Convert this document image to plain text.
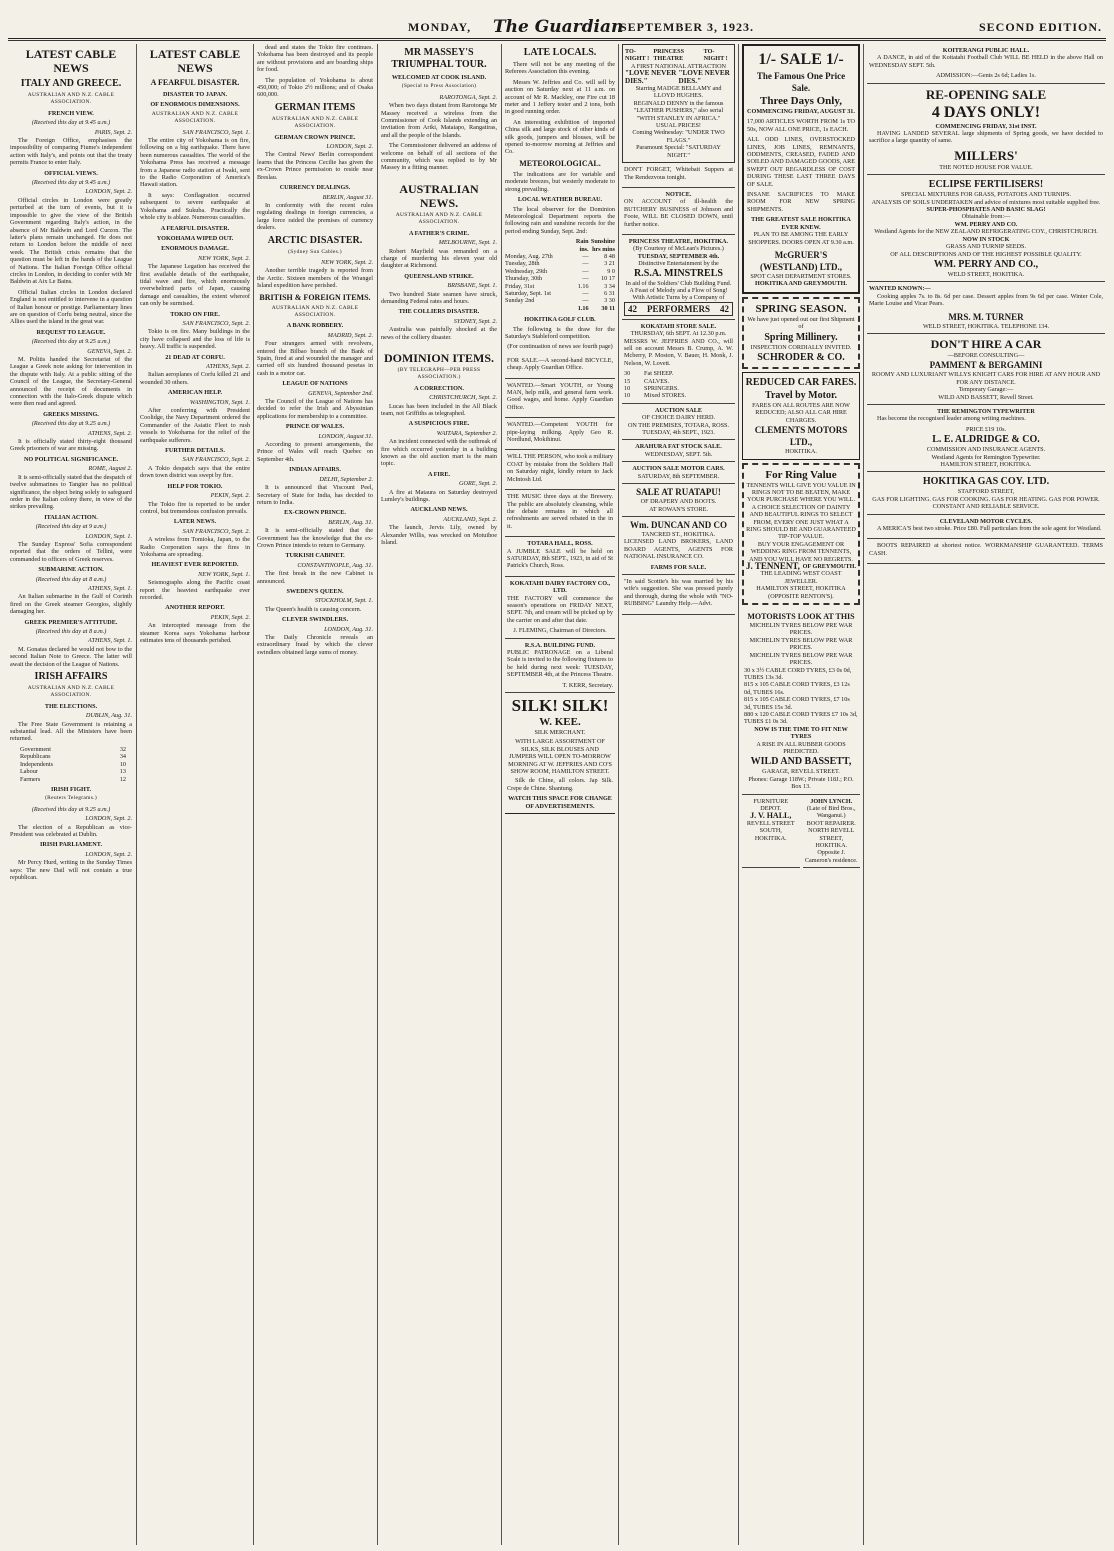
MONDAY, The Guardian
SEPTEMBER 3, 1923.	SECOND EDITION.
LATEST CABLE NEWS
ITALY AND GREECE.
AUSTRALIAN AND N.Z. CABLE ASSOCIATION.
FRENCH VIEW.
(Received this day at 9.45 a.m.)
PARIS, Sept. 2.

The Foreign Office, emphasises the impossibility of comparing Fiume's independent action with Italy's, and points out that the treaty permits France to enter Italy.

OFFICIAL VIEWS.
(Received this day at 9.45 a.m.)
LONDON, Sept. 2.

Official circles in London were greatly perturbed at the turn of events, but it is impossible to give the view of the British Government regarding Italy's action, in the absence of Mr Baldwin and Lord Curzon. The latter's plans remain unchanged. He does not return to London before the middle of next week. The British crisis remains that the question must be left in the hands of the League of Nations. The Italian Foreign Office official circles in London, in deciding to confer with Mr Baldwin at Aix Le Bains.

Official Italian circles in London declared England is not entitled to intervene in a question of Italian honour or prestige. Parliamentary lines are on question of Corfu being neutral, since the Allies used the island in the great war.

REQUEST TO LEAGUE.
(Received this day at 9.25 a.m.)
GENEVA, Sept. 2.

M. Politis handed the Secretariat of the League a Greek note asking for intervention in the dispute with Italy. At a public sitting of the Council of the League, the Secretary-General announced the receipt of documents in connection with the Italo-Greek dispute which were then read and agreed.

GREEKS MISSING.
(Received this day at 9.25 a.m.)
ATHENS, Sept. 2.

It is officially stated thirty-eight thousand Greek prisoners of war are missing.

NO POLITICAL SIGNIFICANCE.
ROME, August 2.

It is semi-officially stated that the despatch of twelve submarines to Tangier has no political significance, the object being solely to safeguard order in the Italian colony there, in view of the strikes prevailing.

ITALIAN ACTION.
(Received this day at 9 a.m.)
LONDON, Sept. 1.

The Sunday Express' Sofia correspondent reported that the orders of Tellini, were commanded to officers of Greek reserves.

SUBMARINE ACTION.
(Received this day at 8 a.m.)
ATHENS, Sept. 1.

An Italian submarine in the Gulf of Corinth fired on the Greek steamer Georgios, slightly damaging her.

GREEK PREMIER'S ATTITUDE.
(Received this day at 8 a.m.)
ATHENS, Sept. 1.

M. Gonatas declared he would not bow to the second Italian Note to Greece. The latter will await the decision of the League of Nations.

IRISH AFFAIRS
AUSTRALIAN AND N.Z. CABLE ASSOCIATION.
THE ELECTIONS.
DUBLIN, Aug. 31.

The Free State Government is retaining a substantial lead. All the Ministers have been returned.

Government	32
Republicans	34
Independents	10
Labour	13
Farmers	12
IRISH FIGHT.
(Reuters Telegrams.)
(Received this day at 9.25 a.m.)
LONDON, Sept. 2.

The election of a Republican as vice-President was celebrated at Dublin.

IRISH PARLIAMENT.
LONDON, Sept. 2.

Mr Percy Hurd, writing in the Sunday Times says: The new Dail will not contain a true republican.

LATEST CABLE NEWS
A FEARFUL DISASTER.
DISASTER TO JAPAN.
OF ENORMOUS DIMENSIONS.
AUSTRALIAN AND N.Z. CABLE ASSOCIATION.
SAN FRANCISCO, Sept. 1.

The entire city of Yokohama is on fire, following on a big earthquake. There have been numerous casualties. The world of the Yokohama Press has received a message from a Japanese radio station at Iwaki, sent to the Radio Corporation of America's Hawaii station.

It says: Conflagration occurred subsequent to severe earthquake at Yokohama and Sukuba. Practically the whole city is ablaze. Numerous casualties.

A FEARFUL DISASTER.
YOKOHAMA WIPED OUT.
ENORMOUS DAMAGE.
NEW YORK, Sept. 2.

The Japanese Legation has received the first available details of the earthquake, tidal wave and fire, which enormously overwhelmed parts of Japan, causing damage and casualties, the extent whereof can only be surmised.

TOKIO ON FIRE.
SAN FRANCISCO, Sept. 2.

Tokio is on fire. Many buildings in the city have collapsed and the loss of life is heavy. All traffic is suspended.

21 DEAD AT CORFU.
ATHENS, Sept. 2.

Italian aeroplanes of Corfu killed 21 and wounded 30 others.

AMERICAN HELP.
WASHINGTON, Sept. 1.

After conferring with President Coolidge, the Navy Department ordered the Commander of the Asiatic Fleet to rush vessels to Yokohama for the relief of the earthquake sufferers.

FURTHER DETAILS.
SAN FRANCISCO, Sept. 2.

A Tokio despatch says that the entire down town district was swept by fire.

HELP FOR TOKIO.
PEKIN, Sept. 2.

The Tokio fire is reported to be under control, but tremendous confusion prevails.

LATER NEWS.
SAN FRANCISCO, Sept. 2.

A wireless from Tomioka, Japan, to the Radio Corporation says the fires in Yokohama are spreading.

HEAVIEST EVER REPORTED.
NEW YORK, Sept. 1.

Seismographs along the Pacific coast report the heaviest earthquake ever recorded.

ANOTHER REPORT.
PEKIN, Sept. 2.

An intercepted message from the steamer Korea says Yokohama harbour estimates tens of thousands perished.

dead and states the Tokio fire continues. Yokohama has been destroyed and its people are without provisions and are boarding ships for food.

The population of Yokohama is about 450,000; of Tokio 2½ millions; and of Osaka 600,000.

GERMAN ITEMS
AUSTRALIAN AND N.Z. CABLE ASSOCIATION.
GERMAN CROWN PRINCE.
LONDON, Sept. 2.

The Central News' Berlin correspondent learns that the Princess Cecilie has given the ex-Crown Prince permission to reside near Breslau.

CURRENCY DEALINGS.
BERLIN, August 31.

In conformity with the recent rules regulating dealings in foreign currencies, a large force raided the premises of currency dealers.

ARCTIC DISASTER.
(Sydney Sun Cables.)
NEW YORK, Sept. 2.

Another terrible tragedy is reported from the Arctic. Sixteen members of the Wrangel Island expedition have perished.

BRITISH & FOREIGN ITEMS.
AUSTRALIAN AND N.Z. CABLE ASSOCIATION.
A BANK ROBBERY.
MADRID, Sept. 2.

Four strangers armed with revolvers, entered the Bilbao branch of the Bank of Spain, fired at and wounded the manager and carried off six hundred thousand pesetas in cash in a motor car.

LEAGUE OF NATIONS
GENEVA, September 2nd.

The Council of the League of Nations has decided to refer the Irish and Abyssinian applications for membership to a committee.

PRINCE OF WALES.
LONDON, August 31.

According to present arrangements, the Prince of Wales will reach Quebec on September 4th.

INDIAN AFFAIRS.
DELHI, September 2.

It is announced that Viscount Peel, Secretary of State for India, has decided to return to India.

EX-CROWN PRINCE.
BERLIN, Aug. 31.

It is semi-officially stated that the Government has the knowledge that the ex-Crown Prince intends to return to Germany.

TURKISH CABINET.
CONSTANTINOPLE, Aug. 31.

The first break in the new Cabinet is announced.

SWEDEN'S QUEEN.
STOCKHOLM, Sept. 1.

The Queen's health is causing concern.

CLEVER SWINDLERS.
LONDON, Aug. 31.

The Daily Chronicle reveals an extraordinary fraud by which the clever swindlers obtained large sums of money.

MR MASSEY'S TRIUMPHAL TOUR.
WELCOMED AT COOK ISLAND.
(Special to Press Association)
RAROTONGA, Sept. 2.

When two days distant from Rarotonga Mr Massey received a wireless from the Commissioner of Cook Islands extending an invitation from Ariki, Mataiapo, Rangatiras, and all the people of the Islands.

The Commissioner delivered an address of welcome on behalf of all sections of the community, which was replied to by Mr Massey in a fitting manner.

AUSTRALIAN NEWS.
AUSTRALIAN AND N.Z. CABLE ASSOCIATION.
A FATHER'S CRIME.
MELBOURNE, Sept. 1.

Robert Mayfield was remanded on a charge of murdering his eleven year old daughter at Richmond.

QUEENSLAND STRIKE.
BRISBANE, Sept. 1.

Two hundred State seamen have struck, demanding Federal rates and hours.

THE COLLIERS DISASTER.
SYDNEY, Sept. 2.

Australia was painfully shocked at the news of the colliery disaster.

DOMINION ITEMS.
(BY TELEGRAPH—PER PRESS ASSOCIATION.)
A CORRECTION.
CHRISTCHURCH, Sept. 2.

Lucas has been included in the All Black team, not Griffiths as telegraphed.

A SUSPICIOUS FIRE.
WAITARA, September 2.

An incident connected with the outbreak of fire which occurred yesterday in a building known as the old auction mart is the main topic.

A FIRE.
GORE, Sept. 2.

A fire at Mataura on Saturday destroyed Lumley's buildings.

AUCKLAND NEWS.
AUCKLAND, Sept. 2.

The launch, Jervis Lily, owned by Alexander Willis, was wrecked on Motuihoe Island.

LATE LOCALS.

There will not be any meeting of the Referees Association this evening.

Messrs W. Jeffries and Co. will sell by auction on Saturday next at 11 a.m. on account of Mr R. Mackley, one Fire cut 18 meter and 1 Jeffery tester and 2 tons, both in good running order.

An interesting exhibition of imported China silk and large stock of other kinds of silk goods, jumpers and blouses, will be opened to-morrow morning at Jeffries and Co.

METEOROLOGICAL.

The indications are for variable and moderate breezes, but westerly moderate to strong prevailing.

LOCAL WEATHER BUREAU.

The local observer for the Dominion Meteorological Department reports the following rain and sunshine records for the period ending Sunday, Sept. 2nd:

Rain ins.
Sunshine hrs mins
Monday, Aug. 27th	—	8 48
Tuesday, 28th	—	3 21
Wednesday, 29th	—	9 0
Thursday, 30th	—	10 17
Friday, 31st	1.16	3 34
Saturday, Sept. 1st	—	6 31
Sunday 2nd	—	3 30
1.16	30 11
HOKITIKA GOLF CLUB.

The following is the draw for the Saturday's Stableford competition.

(For continuation of news see fourth page)

FOR SALE.—A second-hand BICYCLE, cheap. Apply Guardian Office.

WANTED.—Smart YOUTH, or Young MAN, help milk, and general farm work. Good wages, and home. Apply Guardian Office.

WANTED.—Competent YOUTH for pipe-laying milking. Apply Geo R. Nordlund, Mokihinui.

WILL THE PERSON, who took a military COAT by mistake from the Soldiers Hall on Saturday night, kindly return to Jack McIntosh Ltd.

THE MUSIC three days at the Brewery. The public are absolutely cleansing, while the debate remains in which all refreshments are served rebated in the in it.

TOTARA HALL, ROSS.

A JUMBLE SALE will be held on SATURDAY, 8th SEPT., 1923, in aid of St Patrick's Church, Ross.

KOKATAHI DAIRY FACTORY CO., LTD.

THE FACTORY will commence the season's operations on FRIDAY NEXT, SEPT. 7th, and cream will be picked up by the carrier on and after that date.

J. FLEMING, Chairman of Directors.
R.S.A. BUILDING FUND.

PUBLIC PATRONAGE on a Liberal Scale is invited to the following fixtures to be held during next week: TUESDAY, SEPTEMBER 4th, at the Princess Theatre.

T. KERR, Secretary.
SILK! SILK!
W. KEE.
SILK MERCHANT.
WITH LARGE ASSORTMENT OF SILKS, SILK BLOUSES AND JUMPERS WILL OPEN TO-MORROW MORNING AT W. JEFFRIES AND CO'S SHOW ROOM, HAMILTON STREET.

Silk de Chine, all colors. Jap Silk. Crepe de Chine. Shantung.

WATCH THIS SPACE FOR CHANGE OF ADVERTISEMENTS.
TO-NIGHT !
PRINCESS THEATRE
TO-NIGHT !
A FIRST NATIONAL ATTRACTION
"LOVE NEVER DIES."
"LOVE NEVER DIES."
Starring MADGE BELLAMY and LLOYD HUGHES.
REGINALD DENNY in the famous "LEATHER PUSHERS," also serial "WITH STANLEY IN AFRICA."
USUAL PRICES!
Coming Wednesday: "UNDER TWO FLAGS."
Paramount Special: "SATURDAY NIGHT."

DON'T FORGET, Whitebait Suppers at The Rendezvous tonight.

NOTICE.

ON ACCOUNT of ill-health the BUTCHERY BUSINESS of Johnson and Foote, WILL BE CLOSED DOWN, until further notice.

PRINCESS THEATRE, HOKITIKA.
(By Courtesy of McLean's Pictures.)
TUESDAY, SEPTEMBER 4th.
Distinctive Entertainment by the
R.S.A. MINSTRELS
In aid of the Soldiers' Club Building Fund.
A Feast of Melody and a Flow of Song! With Artistic Turns by a Company of
42 PERFORMERS 42
KOKATAHI STORE SALE.
THURSDAY, 6th SEPT. At 12.30 p.m.

MESSRS W. JEFFRIES AND CO., will sell on account Messrs B. Crump, A. W. Mcberry, P. Moston, V. Bauer, H. Monk, J. Nelson, W. Lovett.

30	Fat SHEEP.
15	CALVES.
10	SPRINGERS.
10	Mixed STORES.
AUCTION SALE
OF CHOICE DAIRY HERD.
ON THE PREMISES, TOTARA, ROSS.
TUESDAY, 4th SEPT., 1923.
ARAHURA FAT STOCK SALE.
WEDNESDAY, SEPT. 5th.
AUCTION SALE MOTOR CARS.
SATURDAY, 8th SEPTEMBER.
SALE AT RUATAPU!
OF DRAPERY AND BOOTS.
AT ROWAN'S STORE.
Wm. DUNCAN AND CO
TANCRED ST., HOKITIKA.

LICENSED LAND BROKERS, LAND BOARD AGENTS, AGENTS FOR NATIONAL INSURANCE CO.

FARMS FOR SALE.

"In said Scottie's his was married by his wife's suggestion. She was pressed purely and thorough, during the whole with "NO-RUBBING" Laundry Help.—Advt.

1/- SALE 1/-
The Famous One Price Sale.
Three Days Only,
COMMENCING FRIDAY, AUGUST 31.

17,000 ARTICLES WORTH FROM 1s TO 50s, NOW ALL ONE PRICE, 1s EACH.

ALL ODD LINES, OVERSTOCKED LINES, JOB LINES, REMNANTS, ODDMENTS, CREASED, FADED AND SOILED AND DAMAGED GOODS, ARE SWEPT OUT REGARDLESS OF COST DURING THESE LAST THREE DAYS OF SALE.

INSANE SACRIFICES TO MAKE ROOM FOR NEW SPRING SHIPMENTS.

THE GREATEST SALE HOKITIKA EVER KNEW.
PLAN TO BE AMONG THE EARLY SHOPPERS. DOORS OPEN AT 9.30 a.m.
McGRUER'S (WESTLAND) LTD.,
SPOT CASH DEPARTMENT STORES.
HOKITIKA AND GREYMOUTH.
SPRING SEASON.
We have just opened out our first Shipment of
Spring Millinery.
INSPECTION CORDIALLY INVITED.
SCHRODER & CO.
REDUCED CAR FARES.
Travel by Motor.
FARES ON ALL ROUTES ARE NOW REDUCED; ALSO ALL CAR HIRE CHARGES.
CLEMENTS MOTORS LTD.,
HOKITIKA.
For Ring Value
TENNENTS WILL GIVE YOU VALUE IN RINGS NOT TO BE BEATEN, MAKE YOUR PURCHASE WHERE YOU WILL.
A CHOICE SELECTION OF DAINTY AND BEAUTIFUL RINGS TO SELECT FROM, EVERY ONE JUST WHAT A RING SHOULD BE AND GUARANTEED TIP-TOP VALUE.
BUY YOUR ENGAGEMENT OR WEDDING RING FROM TENNENTS, AND YOU WILL HAVE NO REGRETS.
J. TENNENT, OF GREYMOUTH.
THE LEADING WEST COAST JEWELLER.
HAMILTON STREET, HOKITIKA (OPPOSITE RENTON'S).
MOTORISTS LOOK AT THIS
MICHELIN TYRES BELOW PRE WAR PRICES.
MICHELIN TYRES BELOW PRE WAR PRICES.
MICHELIN TYRES BELOW PRE WAR PRICES.
30 x 3½ CABLE CORD TYRES, £3 0s 0d, TUBES 13s 3d.
815 x 105 CABLE CORD TYRES, £3 12s 0d, TUBES 16s.
815 x 105 CABLE CORD TYRES, £7 10s 3d, TUBES 15s 3d.
880 x 120 CABLE CORD TYRES £7 10s 3d, TUBES £1 0s 3d.
NOW IS THE TIME TO FIT NEW TYRES
A RISE IN ALL RUBBER GOODS PREDICTED.
WILD AND BASSETT,
GARAGE, REVELL STREET.
Phones: Garage 118W.; Private 118J.; P.O. Box 13.
FURNITURE DEPOT.
J. V. HALL,
REVELL STREET SOUTH, HOKITIKA.
JOHN LYNCH.
(Late of Bird Bros., Wanganui.)
BOOT REPAIRER.
NORTH REVELL STREET, HOKITIKA.
Opposite J. Cameron's residence.
KOITERANGI PUBLIC HALL.

A DANCE, in aid of the Koitatahi Football Club WILL BE HELD in the above Hall on WEDNESDAY SEPT. 5th.

ADMISSION:—Gents 2s 6d; Ladies 1s.
RE-OPENING SALE
4 DAYS ONLY!
COMMENCING FRIDAY, 31st INST.

HAVING LANDED SEVERAL large shipments of Spring goods, we have decided to sacrifice a large quantity of same.

MILLERS'
THE NOTED HOUSE FOR VALUE.
ECLIPSE FERTILISERS!
SPECIAL MIXTURES FOR GRASS, POTATOES AND TURNIPS.
ANALYSIS OF SOILS UNDERTAKEN and advice of mixtures most suitable supplied free.
SUPER-PHOSPHATES AND BASIC SLAG!
Obtainable from:—
WM. PERRY AND CO.
Westland Agents for the NEW ZEALAND REFRIGERATING COY., CHRISTCHURCH.
NOW IN STOCK
GRASS AND TURNIP SEEDS.
OF ALL DESCRIPTIONS AND OF THE HIGHEST POSSIBLE QUALITY.
WM. PERRY AND CO.,
WELD STREET, HOKITIKA.
WANTED KNOWN:—

Cooking apples 7s. to 8s. 6d per case. Dessert apples from 9s 6d per case. Winter Cole, Marie Louise and Vicar Pears.

MRS. M. TURNER
WELD STREET, HOKITIKA. TELEPHONE 134.
DON'T HIRE A CAR
—BEFORE CONSULTING—
PAMMENT & BERGAMINI
ROOMY AND LUXURIANT WILLYS KNIGHT CARS FOR HIRE AT ANY HOUR AND FOR ANY DISTANCE.
Temporary Garage:—
WILD AND BASSETT, Revell Street.
THE REMINGTON TYPEWRITER

Has become the recognised leader among writing machines.

PRICE £19 10s.
L. E. ALDRIDGE & CO.
COMMISSION AND INSURANCE AGENTS.
Westland Agents for Remington Typewriter.
HAMILTON STREET, HOKITIKA.
HOKITIKA GAS COY. LTD.
STAFFORD STREET,
GAS FOR LIGHTING. GAS FOR COOKING. GAS FOR HEATING. GAS FOR POWER.
CONSTANT AND RELIABLE SERVICE.
CLEVELAND MOTOR CYCLES.

A MERICA'S best two stroke. Price £80. Full particulars from the sole agent for Westland.

BOOTS REPAIRED at shortest notice. WORKMANSHIP GUARANTEED. TERMS CASH.
